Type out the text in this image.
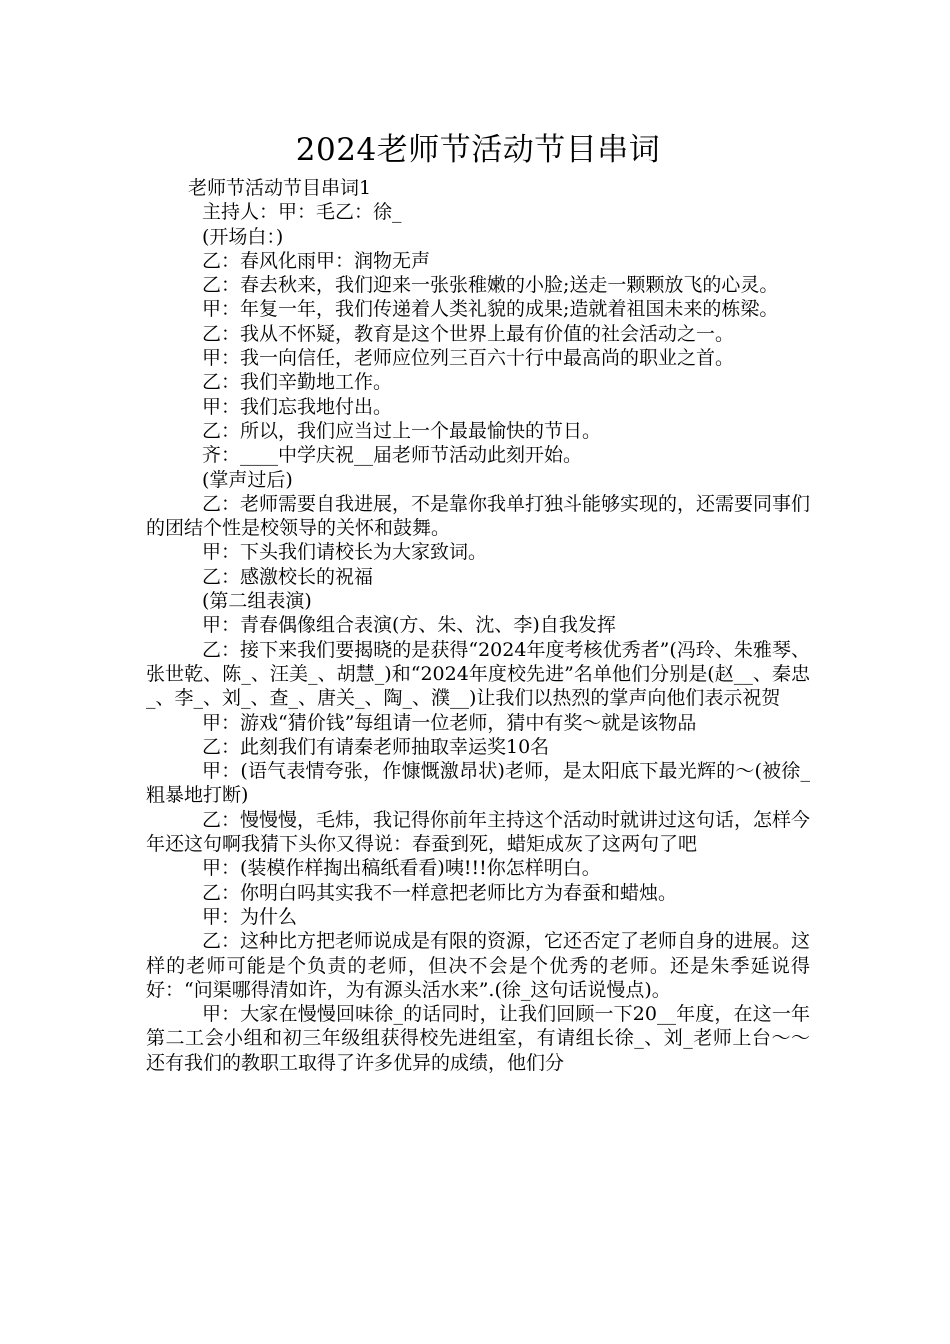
2024老师节活动节目串词

老师节活动节目串词1

主持人：甲：毛乙：徐_

(开场白：)

乙：春风化雨甲：润物无声

乙：春去秋来，我们迎来一张张稚嫩的小脸;送走一颗颗放飞的心灵。

甲：年复一年，我们传递着人类礼貌的成果;造就着祖国未来的栋梁。

乙：我从不怀疑，教育是这个世界上最有价值的社会活动之一。

甲：我一向信任，老师应位列三百六十行中最高尚的职业之首。

乙：我们辛勤地工作。

甲：我们忘我地付出。

乙：所以，我们应当过上一个最最愉快的节日。

齐：____中学庆祝__届老师节活动此刻开始。

(掌声过后)

乙：老师需要自我进展，不是靠你我单打独斗能够实现的，还需要同事们的团结个性是校领导的关怀和鼓舞。

甲：下头我们请校长为大家致词。

乙：感激校长的祝福

(第二组表演)

甲：青春偶像组合表演(方、朱、沈、李)自我发挥

乙：接下来我们要揭晓的是获得“2024年度考核优秀者”(冯玲、朱雅琴、张世乾、陈_、汪美_、胡慧_)和“2024年度校先进”名单他们分别是(赵__、秦忠_、李_、刘_、查_、唐关_、陶_、濮__)让我们以热烈的掌声向他们表示祝贺

甲：游戏“猜价钱”每组请一位老师，猜中有奖～就是该物品

乙：此刻我们有请秦老师抽取幸运奖10名

甲：(语气表情夸张，作慷慨激昂状)老师，是太阳底下最光辉的～(被徐_粗暴地打断)

乙：慢慢慢，毛炜，我记得你前年主持这个活动时就讲过这句话，怎样今年还这句啊我猜下头你又得说：春蚕到死，蜡矩成灰了这两句了吧

甲：(装模作样掏出稿纸看看)咦!!!你怎样明白。

乙：你明白吗其实我不一样意把老师比方为春蚕和蜡烛。

甲：为什么

乙：这种比方把老师说成是有限的资源，它还否定了老师自身的进展。这样的老师可能是个负责的老师，但决不会是个优秀的老师。还是朱季延说得好：“问渠哪得清如许，为有源头活水来”.(徐_这句话说慢点)。

甲：大家在慢慢回味徐_的话同时，让我们回顾一下20__年度，在这一年第二工会小组和初三年级组获得校先进组室，有请组长徐_、刘_老师上台～～还有我们的教职工取得了许多优异的成绩，他们分
